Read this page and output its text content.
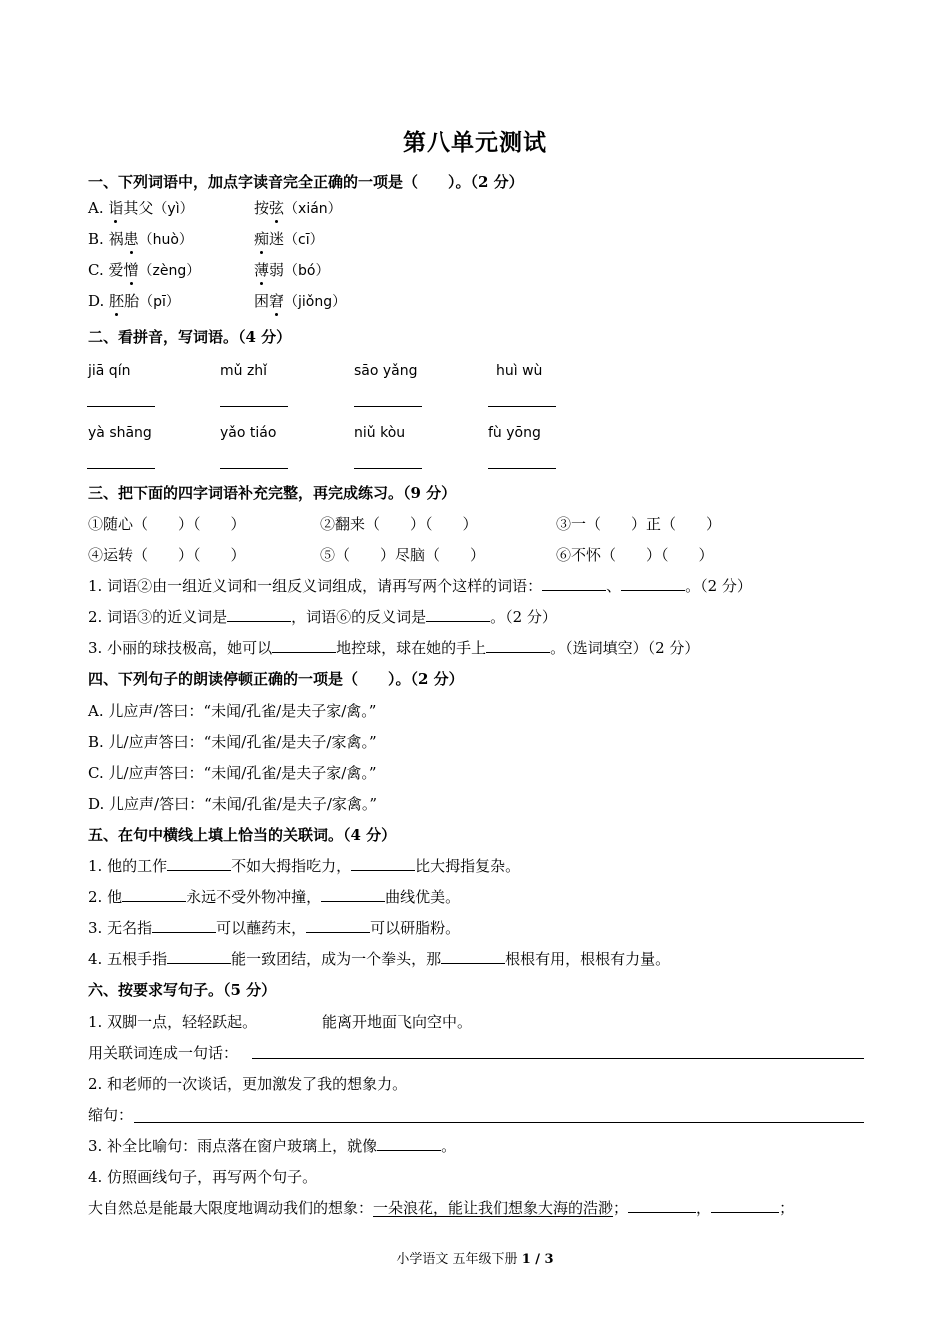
第八单元测试
一、下列词语中，加点字读音完全正确的一项是（　　）。（2 分）
A. 诣其父（yì）	按弦（xián）
B. 祸患（huò）	痴迷（cī）
C. 爱憎（zèng）	薄弱（bó）
D. 胚胎（pī）	困窘（jiǒng）
二、看拼音，写词语。（4 分）
jiā qín	mǔ zhǐ	sāo yǎng	huì wù
yà shāng	yǎo tiáo	niǔ kòu	fù yōng
三、把下面的四字词语补充完整，再完成练习。（9 分）
①随心（　　）（　　）	②翻来（　　）（　　）	③一（　　）正（　　）
④运转（　　）（　　）	⑤（　　）尽脑（　　）	⑥不怀（　　）（　　）
1. 词语②由一组近义词和一组反义词组成，请再写两个这样的词语：	、	。（2 分）
2. 词语③的近义词是	，词语⑥的反义词是	。（2 分）
3. 小丽的球技极高，她可以	地控球，球在她的手上	。（选词填空）（2 分）
四、下列句子的朗读停顿正确的一项是（　　）。（2 分）
A. 儿应声/答曰：“未闻/孔雀/是夫子家/禽。”
B. 儿/应声答曰：“未闻/孔雀/是夫子/家禽。”
C. 儿/应声答曰：“未闻/孔雀/是夫子家/禽。”
D. 儿应声/答曰：“未闻/孔雀/是夫子/家禽。”
五、在句中横线上填上恰当的关联词。（4 分）
1. 他的工作	不如大拇指吃力，	比大拇指复杂。
2. 他	永远不受外物冲撞，	曲线优美。
3. 无名指	可以蘸药末，	可以研脂粉。
4. 五根手指	能一致团结，成为一个拳头，那	根根有用，根根有力量。
六、按要求写句子。（5 分）
1. 双脚一点，轻轻跃起。	能离开地面飞向空中。
用关联词连成一句话：
2. 和老师的一次谈话，更加激发了我的想象力。
缩句：
3. 补全比喻句：雨点落在窗户玻璃上，就像	。
4. 仿照画线句子，再写两个句子。
大自然总是能最大限度地调动我们的想象：一朵浪花，能让我们想象大海的浩渺；	，	；
小学语文 五年级下册 1 / 3
